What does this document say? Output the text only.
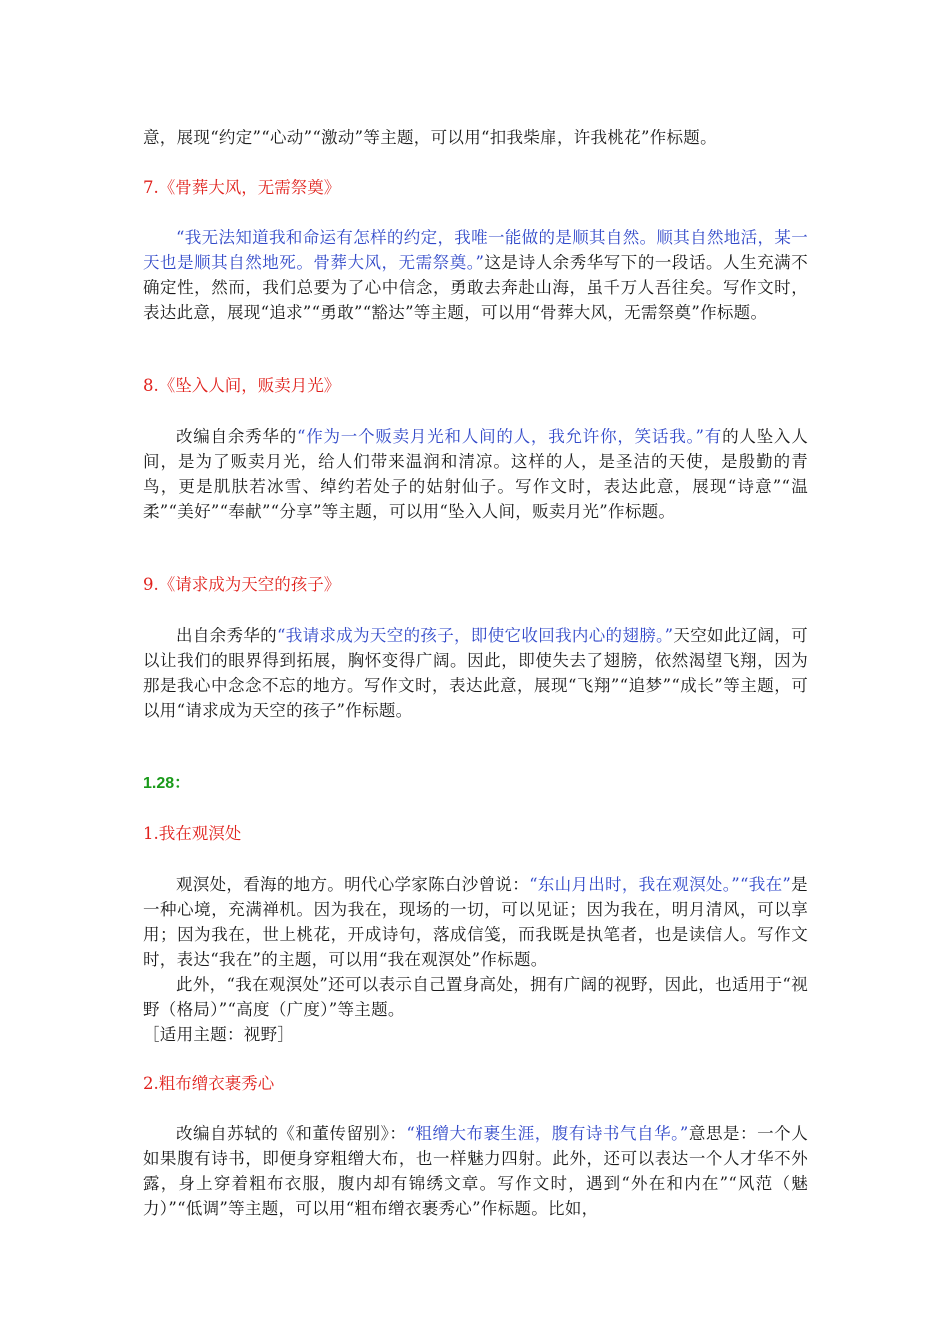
意，展现“约定”“心动”“激动”等主题，可以用“扣我柴扉，许我桃花”作标题。

7.《骨葬大风，无需祭奠》

“我无法知道我和命运有怎样的约定，我唯一能做的是顺其自然。顺其自然地活，某一天也是顺其自然地死。骨葬大风，无需祭奠。”这是诗人余秀华写下的一段话。人生充满不确定性，然而，我们总要为了心中信念，勇敢去奔赴山海，虽千万人吾往矣。写作文时，表达此意，展现“追求”“勇敢”“豁达”等主题，可以用“骨葬大风，无需祭奠”作标题。

8.《坠入人间，贩卖月光》

改编自余秀华的“作为一个贩卖月光和人间的人，我允许你，笑话我。”有的人坠入人间，是为了贩卖月光，给人们带来温润和清凉。这样的人，是圣洁的天使，是殷勤的青鸟，更是肌肤若冰雪、绰约若处子的姑射仙子。写作文时，表达此意，展现“诗意”“温柔”“美好”“奉献”“分享”等主题，可以用“坠入人间，贩卖月光”作标题。

9.《请求成为天空的孩子》

出自余秀华的“我请求成为天空的孩子，即使它收回我内心的翅膀。”天空如此辽阔，可以让我们的眼界得到拓展，胸怀变得广阔。因此，即使失去了翅膀，依然渴望飞翔，因为那是我心中念念不忘的地方。写作文时，表达此意，展现“飞翔”“追梦”“成长”等主题，可以用“请求成为天空的孩子”作标题。

1.28：

1.我在观溟处

观溟处，看海的地方。明代心学家陈白沙曾说：“东山月出时，我在观溟处。”“我在”是一种心境，充满禅机。因为我在，现场的一切，可以见证；因为我在，明月清风，可以享用；因为我在，世上桃花，开成诗句，落成信笺，而我既是执笔者，也是读信人。写作文时，表达“我在”的主题，可以用“我在观溟处”作标题。

此外，“我在观溟处”还可以表示自己置身高处，拥有广阔的视野，因此，也适用于“视野（格局）”“高度（广度）”等主题。

［适用主题：视野］

2.粗布缯衣裹秀心

改编自苏轼的《和董传留别》：“粗缯大布裹生涯，腹有诗书气自华。”意思是：一个人如果腹有诗书，即便身穿粗缯大布，也一样魅力四射。此外，还可以表达一个人才华不外露，身上穿着粗布衣服，腹内却有锦绣文章。写作文时，遇到“外在和内在”“风范（魅力）”“低调”等主题，可以用“粗布缯衣裹秀心”作标题。比如，
